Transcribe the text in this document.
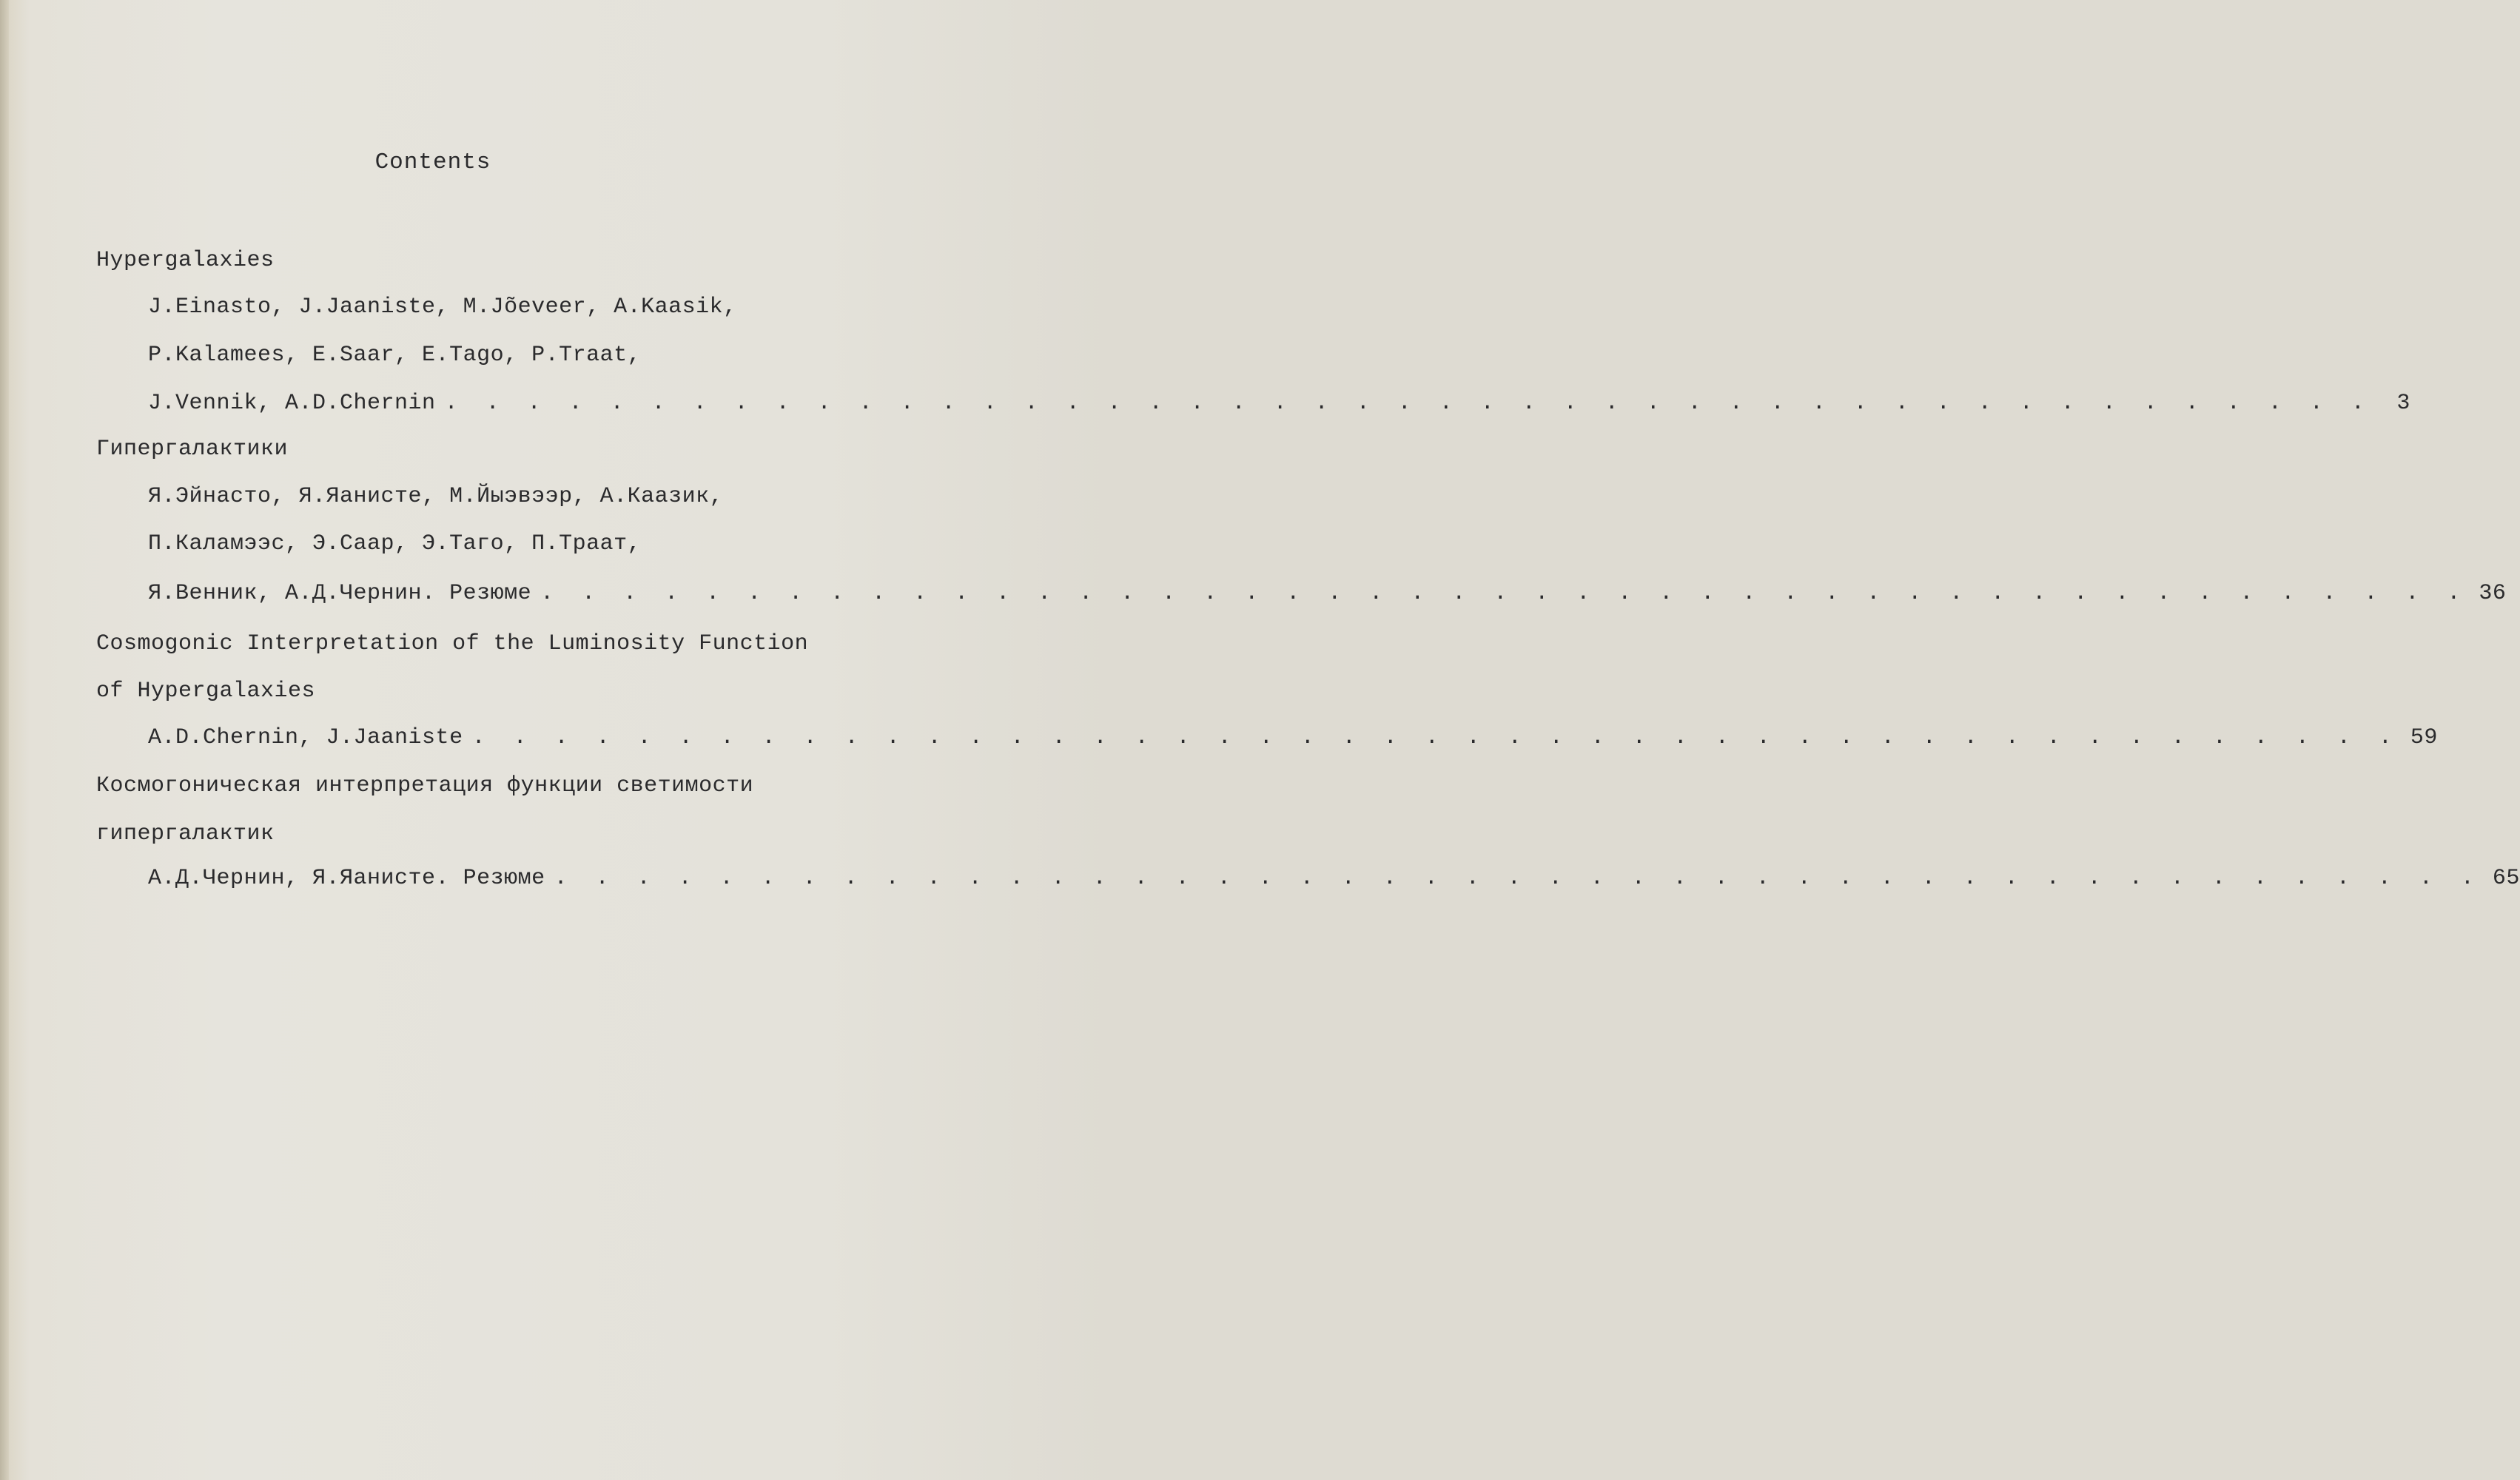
Contents
Hypergalaxies
J.Einasto, J.Jaaniste, M.Jõeveer, A.Kaasik,
P.Kalamees, E.Saar, E.Tago, P.Traat,
J.Vennik, A.D.Chernin . . . . . . . . . . . . . . . . . . . . . . . . . . . . . . . . . . . . . . . . . . . . . . .	3
Гипергалактики
Я.Эйнасто, Я.Яанисте, М.Йыэвээр, А.Каазик,
П.Каламээс, Э.Саар, Э.Таго, П.Траат,
Я.Венник, А.Д.Чернин. Резюме . . . . . . . . . . . . . . . . . . . . . . . . . . . . . . . . . . . . . . . . . . . . . . . 36
Cosmogonic Interpretation of the Luminosity Function
of Hypergalaxies
A.D.Chernin, J.Jaaniste . . . . . . . . . . . . . . . . . . . . . . . . . . . . . . . . . . . . . . . . . . . . . . . 59
Космогоническая интерпретация функции светимости
гипергалактик
А.Д.Чернин, Я.Яанисте. Резюме . . . . . . . . . . . . . . . . . . . . . . . . . . . . . . . . . . . . . . . . . . . . . . . 65
